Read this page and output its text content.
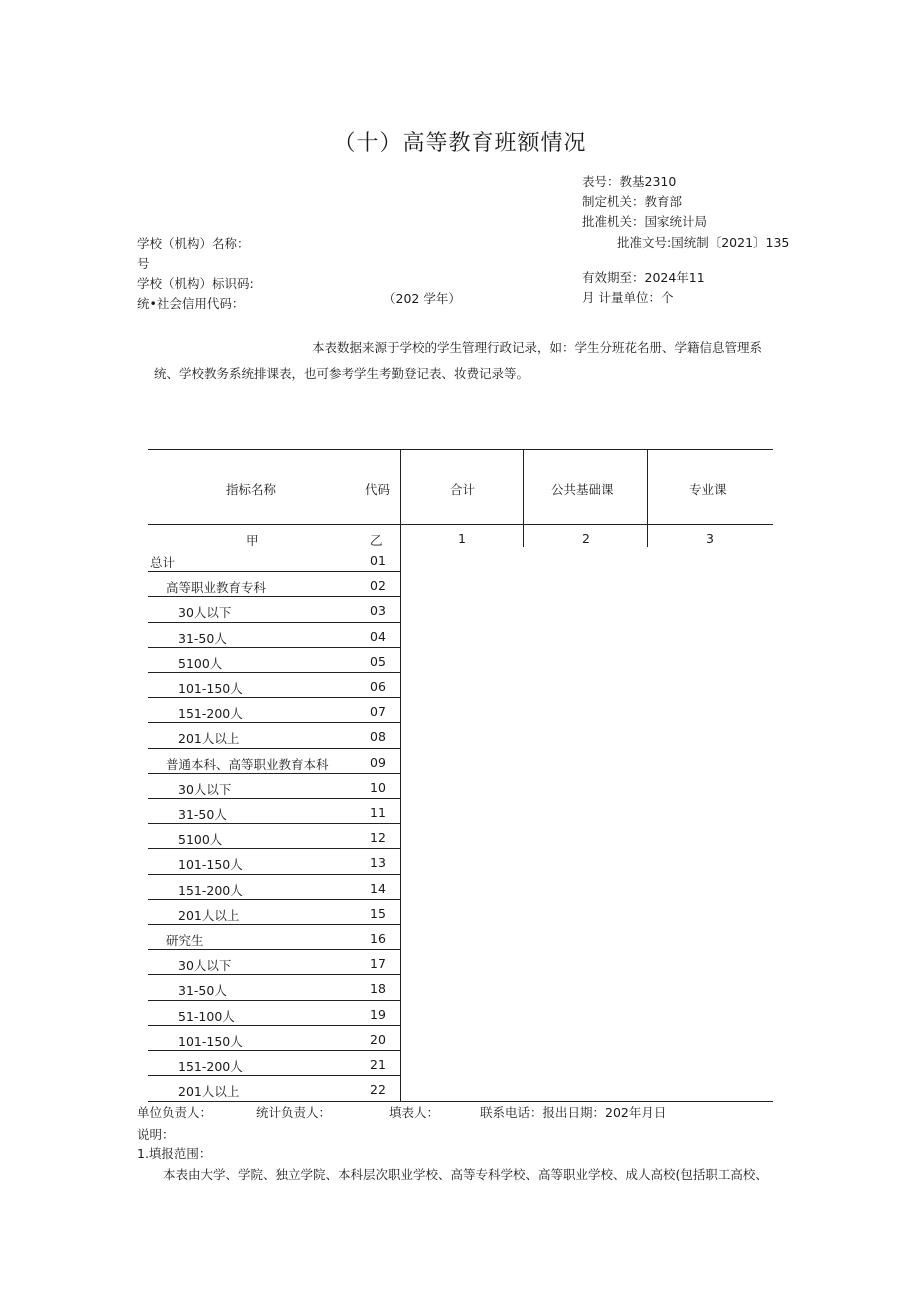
（十）高等教育班额情况
表号：教基2310
制定机关：教育部
批准机关：国家统计局
批准文号:国统制〔2021〕135
有效期至：2024年11
月 计量单位：个
学校（机构）名称：
号
学校（机构）标识码:
统•社会信用代码：	（202 学年）
本表数据来源于学校的学生管理行政记录，如：学生分班花名册、学籍信息管理系
统、学校教务系统排课表，也可参考学生考勤登记表、妆费记录等。
指标名称	代码	合计	公共基础课	专业课
甲	乙	1	2	3
总计	01
高等职业教育专科	02
30人以下	03
31-50人	04
5100人	05
101-150人	06
151-200人	07
201人以上	08
普通本科、高等职业教育本科	09
30人以下	10
31-50人	11
5100人	12
101-150人	13
151-200人	14
201人以上	15
研究生	16
30人以下	17
31-50人	18
51-100人	19
101-150人	20
151-200人	21
201人以上	22
单位负责人：	统计负责人：	填表人：	联系电话：报出日期：202年月日
说明：
1.填报范围：
本表由大学、学院、独立学院、本科层次职业学校、高等专科学校、高等职业学校、成人高校(包括职工高校、
